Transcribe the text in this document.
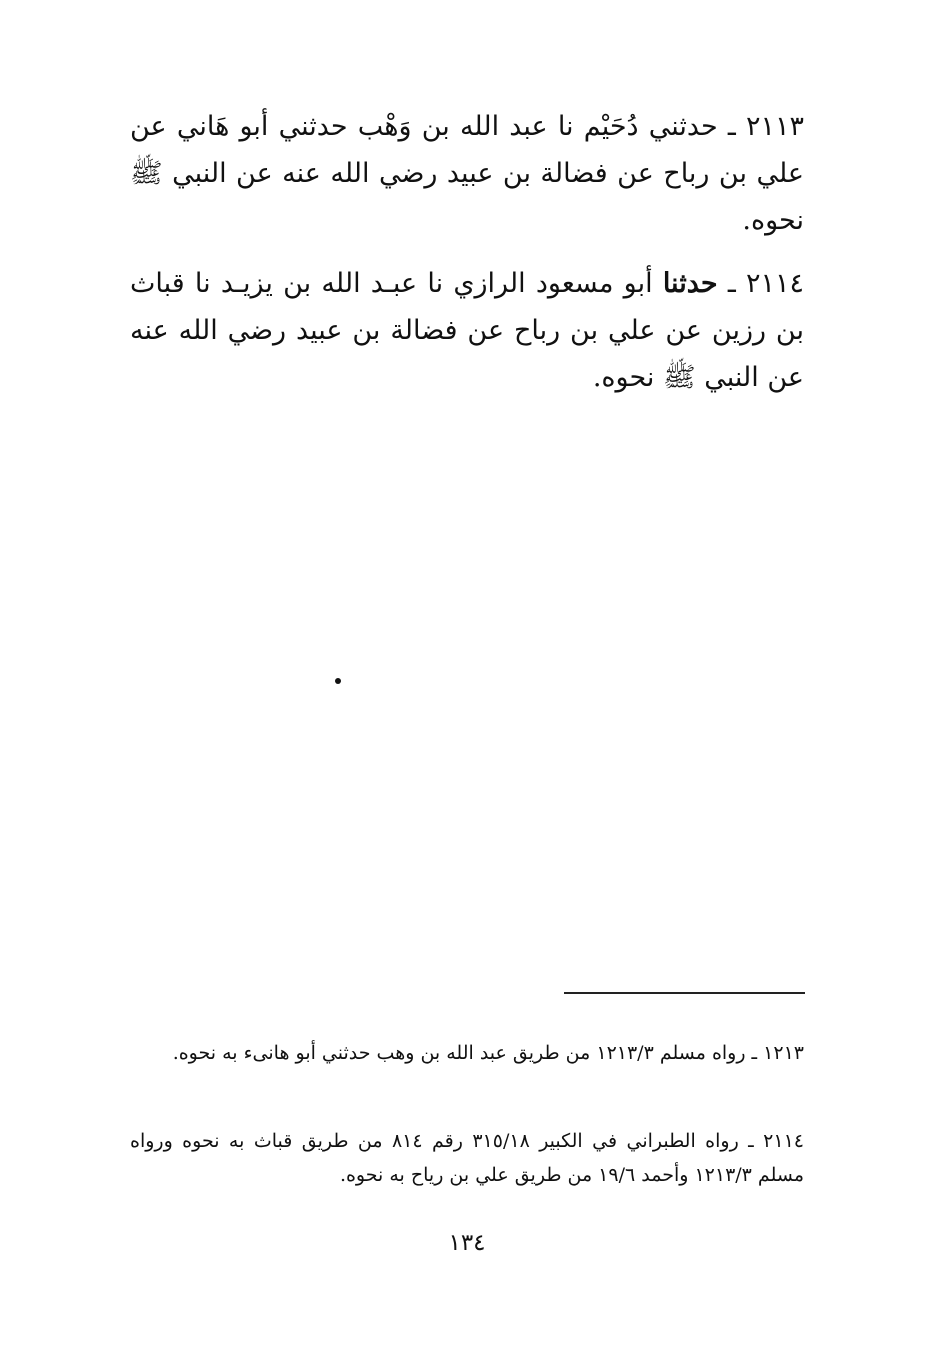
٢١١٣ ـ حدثني دُحَيْم نا عبد الله بن وَهْب حدثني أبو هَاني عن علي بن رباح عن فضالة بن عبيد رضي الله عنه عن النبي ﷺ نحوه.

٢١١٤ ـ حدثنا أبو مسعود الرازي نا عبـد الله بن يزيـد نا قباث بن رزين عن علي بن رباح عن فضالة بن عبيد رضي الله عنه عن النبي ﷺ نحوه.

١٢١٣ ـ رواه مسلم ١٢١٣/٣ من طريق عبد الله بن وهب حدثني أبو هانىء به نحوه.

٢١١٤ ـ رواه الطبراني في الكبير ٣١٥/١٨ رقم ٨١٤ من طريق قباث به نحوه ورواه مسلم ١٢١٣/٣ وأحمد ١٩/٦ من طريق علي بن رياح به نحوه.

١٣٤
